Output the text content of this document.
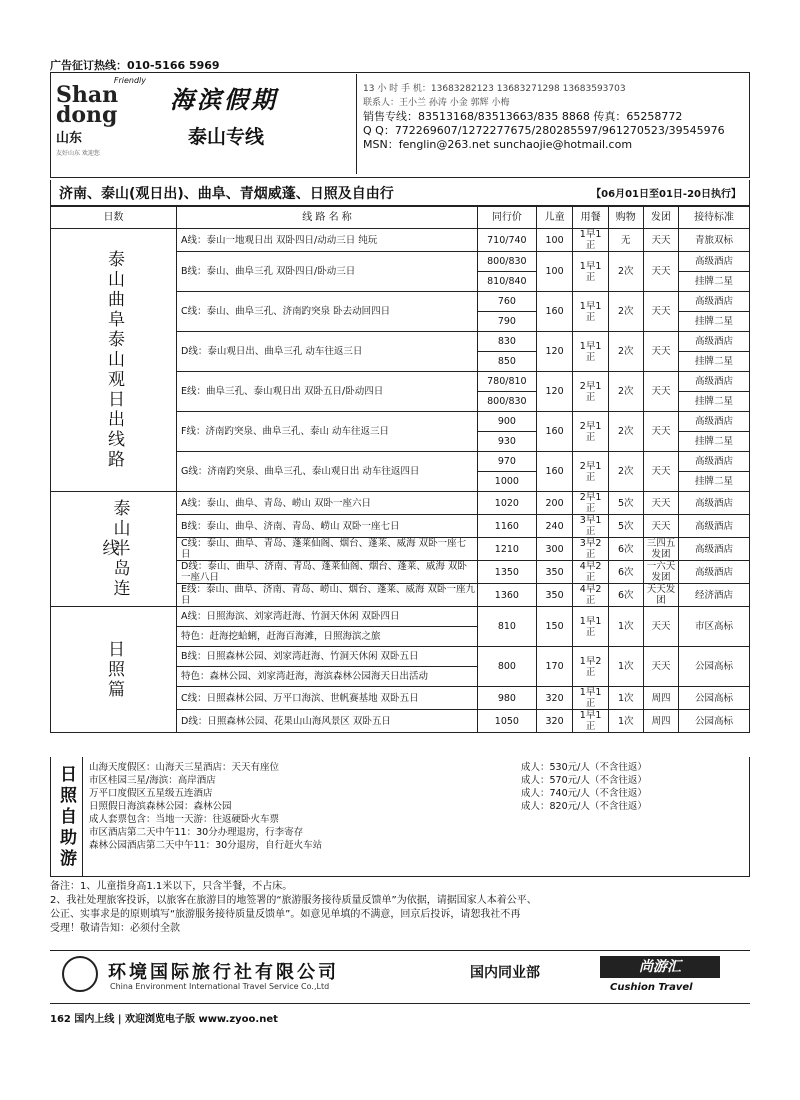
广告征订热线：010-5166 5969
Friendly
Shan
dong
山东
友好山东 欢迎您
海滨假期
泰山专线
13 小 时 手 机：13683282123 13683271298 13683593703
联系人：王小兰 孙涛 小金 郭辉 小梅
销售专线：83513168/83513663/835 8868 传真：65258772
Q Q：772269607/1272277675/280285597/961270523/39545976
MSN：fenglin@263.net sunchaojie@hotmail.com
济南、泰山(观日出)、曲阜、青烟威蓬、日照及自由行	【06月01日至01日-20日执行】
日数	线 路 名 称	同行价	儿童	用餐	购物	发团	接待标准
泰山曲阜泰山观日出线路	A线：泰山一地观日出 双卧四日/动动三日 纯玩	710/740	100	1早1正	无	天天	青旅双标
	B线：泰山、曲阜三孔 双卧四日/卧动三日	800/830	100	1早1正	2次	天天	高级酒店
		810/840					挂牌二星
	C线：泰山、曲阜三孔、济南趵突泉 卧去动回四日	760	160	1早1正	2次	天天	高级酒店
		790					挂牌二星
	D线：泰山观日出、曲阜三孔 动车往返三日	830	120	1早1正	2次	天天	高级酒店
		850					挂牌二星
	E线：曲阜三孔、泰山观日出 双卧五日/卧动四日	780/810	120	2早1正	2次	天天	高级酒店
		800/830					挂牌二星
	F线：济南趵突泉、曲阜三孔、泰山 动车往返三日	900	160	2早1正	2次	天天	高级酒店
		930					挂牌二星
	G线：济南趵突泉、曲阜三孔、泰山观日出 动车往返四日	970	160	2早1正	2次	天天	高级酒店
		1000					挂牌二星
泰山半岛连线	A线：泰山、曲阜、青岛、崂山 双卧一座六日	1020	200	2早1正	5次	天天	高级酒店
	B线：泰山、曲阜、济南、青岛、崂山 双卧一座七日	1160	240	3早1正	5次	天天	高级酒店
	C线：泰山、曲阜、青岛、蓬莱仙阁、烟台、蓬莱、威海 双卧一座七日	1210	300	3早2正	6次	三四五发团	高级酒店
	D线：泰山、曲阜、济南、青岛、蓬莱仙阁、烟台、蓬莱、威海 双卧一座八日	1350	350	4早2正	6次	一六天发团	高级酒店
	E线：泰山、曲阜、济南、青岛、崂山、烟台、蓬莱、威海 双卧一座九日	1360	350	4早2正	6次	天天发团	经济酒店
日照篇	A线：日照海滨、刘家湾赶海、竹洞天休闲 双卧四日	810	150	1早1正	1次	天天	市区高标
	特色：赶海挖蛤蜊，赶海百海滩，日照海滨之旅						
	B线：日照森林公园、刘家湾赶海、竹洞天休闲 双卧五日	800	170	1早2正	1次	天天	公园高标
	特色：森林公园、刘家湾赶海，海滨森林公园海天日出活动						
	C线：日照森林公园、万平口海滨、世帆赛基地 双卧五日	980	320	1早1正	1次	周四	公园高标
	D线：日照森林公园、花果山山海风景区 双卧五日	1050	320	1早1正	1次	周四	公园高标
日照自助游	山海天度假区：山海天三星酒店：天天有座位
市区桂园三星/海滨：高岸酒店
万平口度假区五星级五连酒店
日照假日海滨森林公园：森林公园
成人套票包含：当地一天游：往返硬卧火车票
市区酒店第二天中午11：30分办理退房，行李寄存
森林公园酒店第二天中午11：30分退房，自行赶火车站
成人：530元/人（不含往返）
成人：570元/人（不含往返）
成人：740元/人（不含往返）
成人：820元/人（不含往返）
备注：1、儿童指身高1.1米以下，只含半餐，不占床。
2、我社处理旅客投诉，以旅客在旅游目的地签署的“旅游服务接待质量反馈单”为依据，请据国家人本着公平、
公正、实事求是的原则填写“旅游服务接待质量反馈单”。如意见单填的不满意，回京后投诉，请恕我社不再
受理！敬请告知：必须付全款
环境国际旅行社有限公司
China Environment International Travel Service Co.,Ltd
国内同业部	尚游汇
Cushion Travel
162 国内上线 | 欢迎浏览电子版 www.zyoo.net
